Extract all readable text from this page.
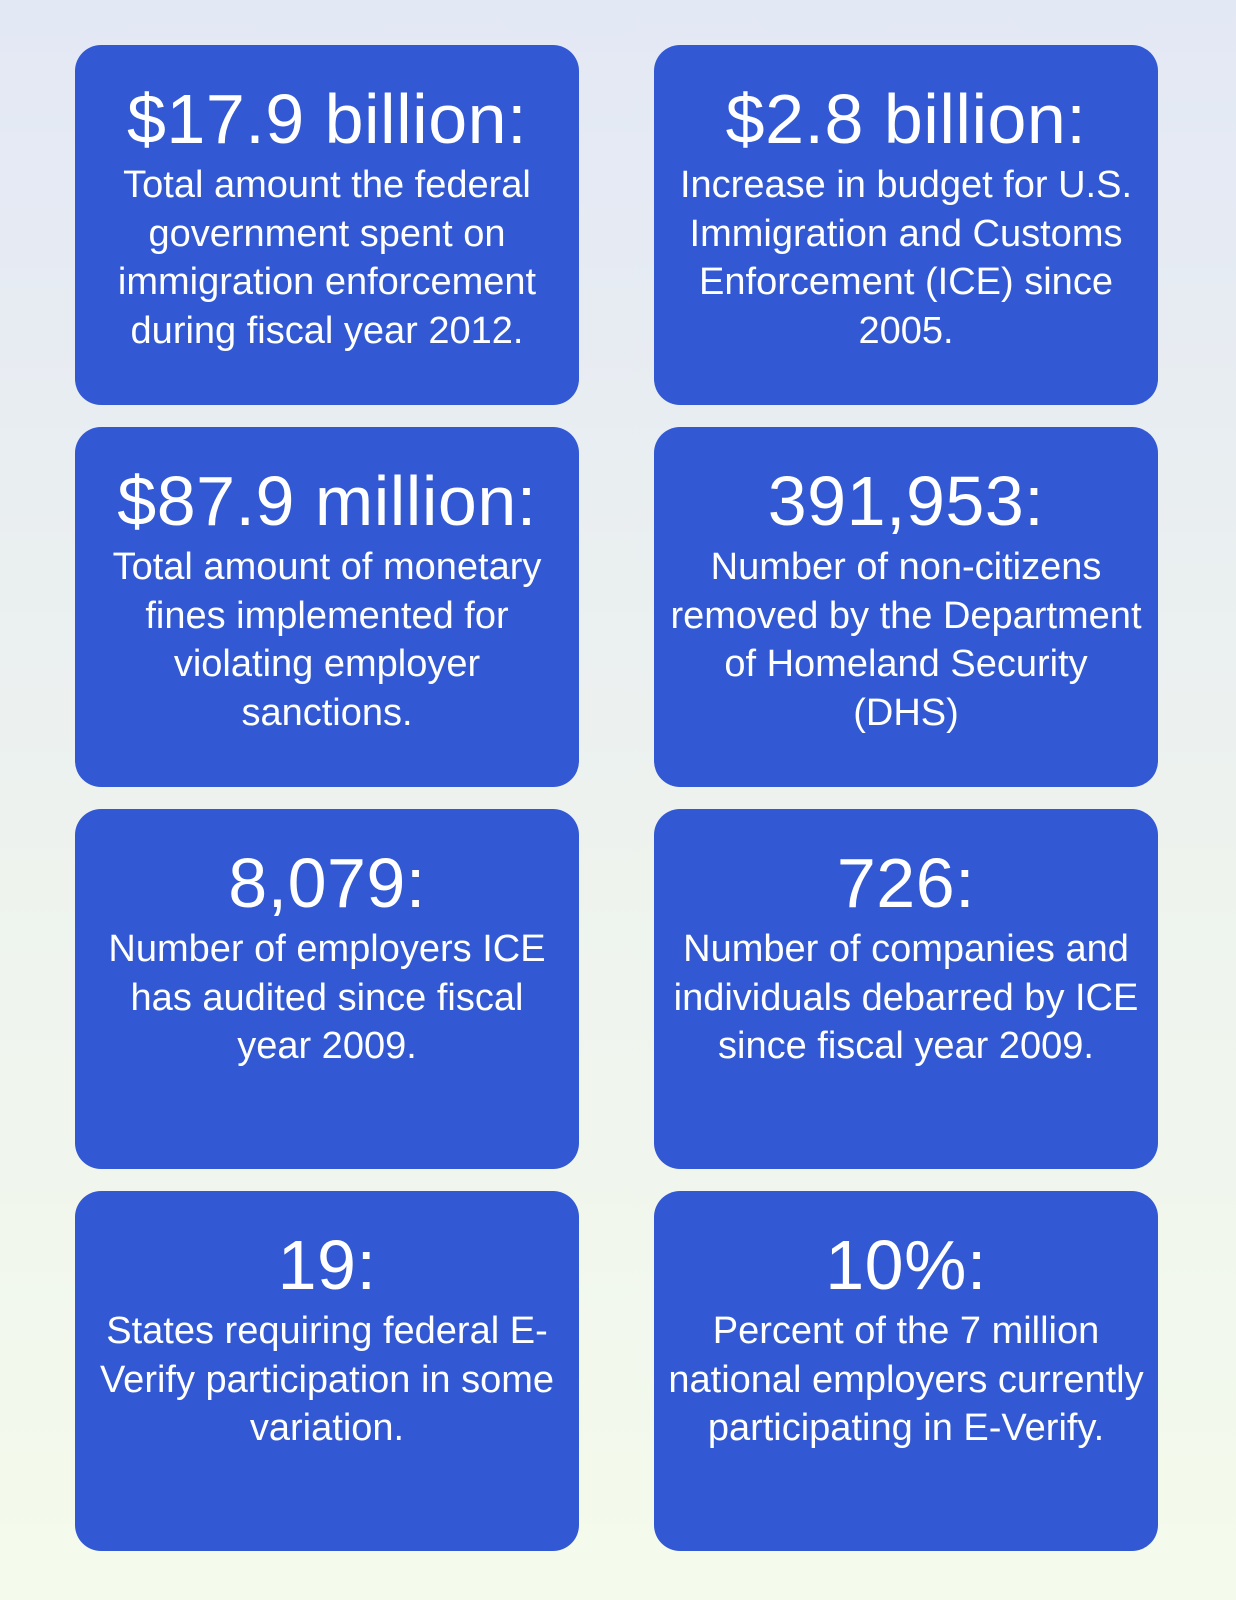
$17.9 billion:
Total amount the federal government spent on immigration enforcement during fiscal year 2012.
$2.8 billion:
Increase in budget for U.S. Immigration and Customs Enforcement (ICE) since 2005.
$87.9 million:
Total amount of monetary fines implemented for violating employer sanctions.
391,953:
Number of non-citizens removed by the Department of Homeland Security (DHS)
8,079:
Number of employers ICE has audited since fiscal year 2009.
726:
Number of companies and individuals debarred by ICE since fiscal year 2009.
19:
States requiring federal E-Verify participation in some variation.
10%:
Percent of the 7 million national employers currently participating in E-Verify.
